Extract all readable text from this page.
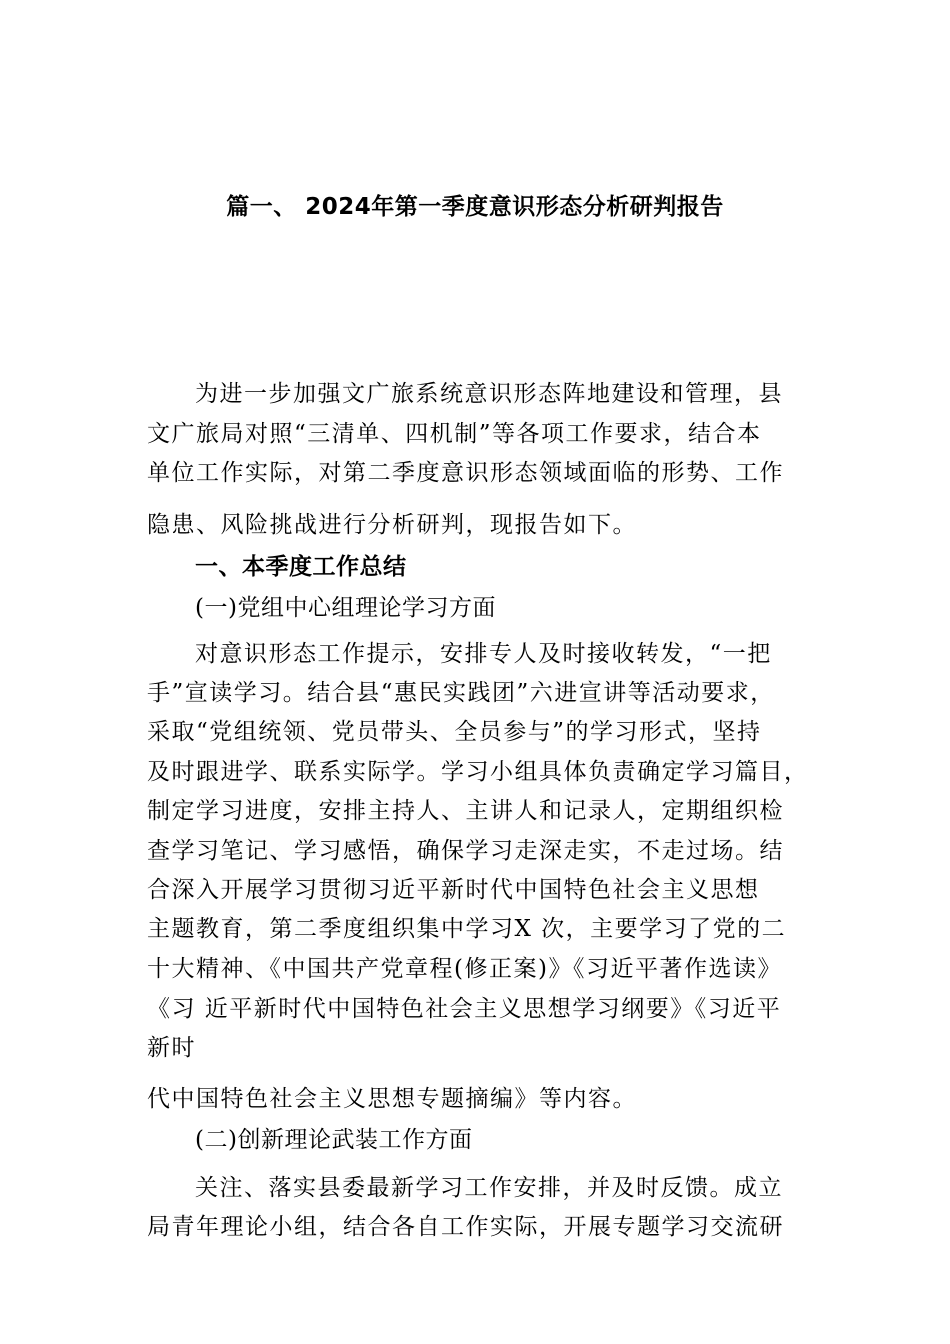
篇一、 2024年第一季度意识形态分析研判报告
为进一步加强文广旅系统意识形态阵地建设和管理，县
文广旅局对照“三清单、四机制”等各项工作要求，结合本
单位工作实际，对第二季度意识形态领域面临的形势、工作
隐患、风险挑战进行分析研判，现报告如下。
一、本季度工作总结
(一)党组中心组理论学习方面
对意识形态工作提示，安排专人及时接收转发，“一把
手”宣读学习。结合县“惠民实践团”六进宣讲等活动要求，
采取“党组统领、党员带头、全员参与”的学习形式，坚持
及时跟进学、联系实际学。学习小组具体负责确定学习篇目，
制定学习进度，安排主持人、主讲人和记录人，定期组织检
查学习笔记、学习感悟，确保学习走深走实，不走过场。结
合深入开展学习贯彻习近平新时代中国特色社会主义思想
主题教育，第二季度组织集中学习X 次，主要学习了党的二
十大精神、《中国共产党章程(修正案)》《习近平著作选读》
《习 近平新时代中国特色社会主义思想学习纲要》《习近平
新时
代中国特色社会主义思想专题摘编》等内容。
(二)创新理论武装工作方面
关注、落实县委最新学习工作安排，并及时反馈。成立
局青年理论小组，结合各自工作实际，开展专题学习交流研
